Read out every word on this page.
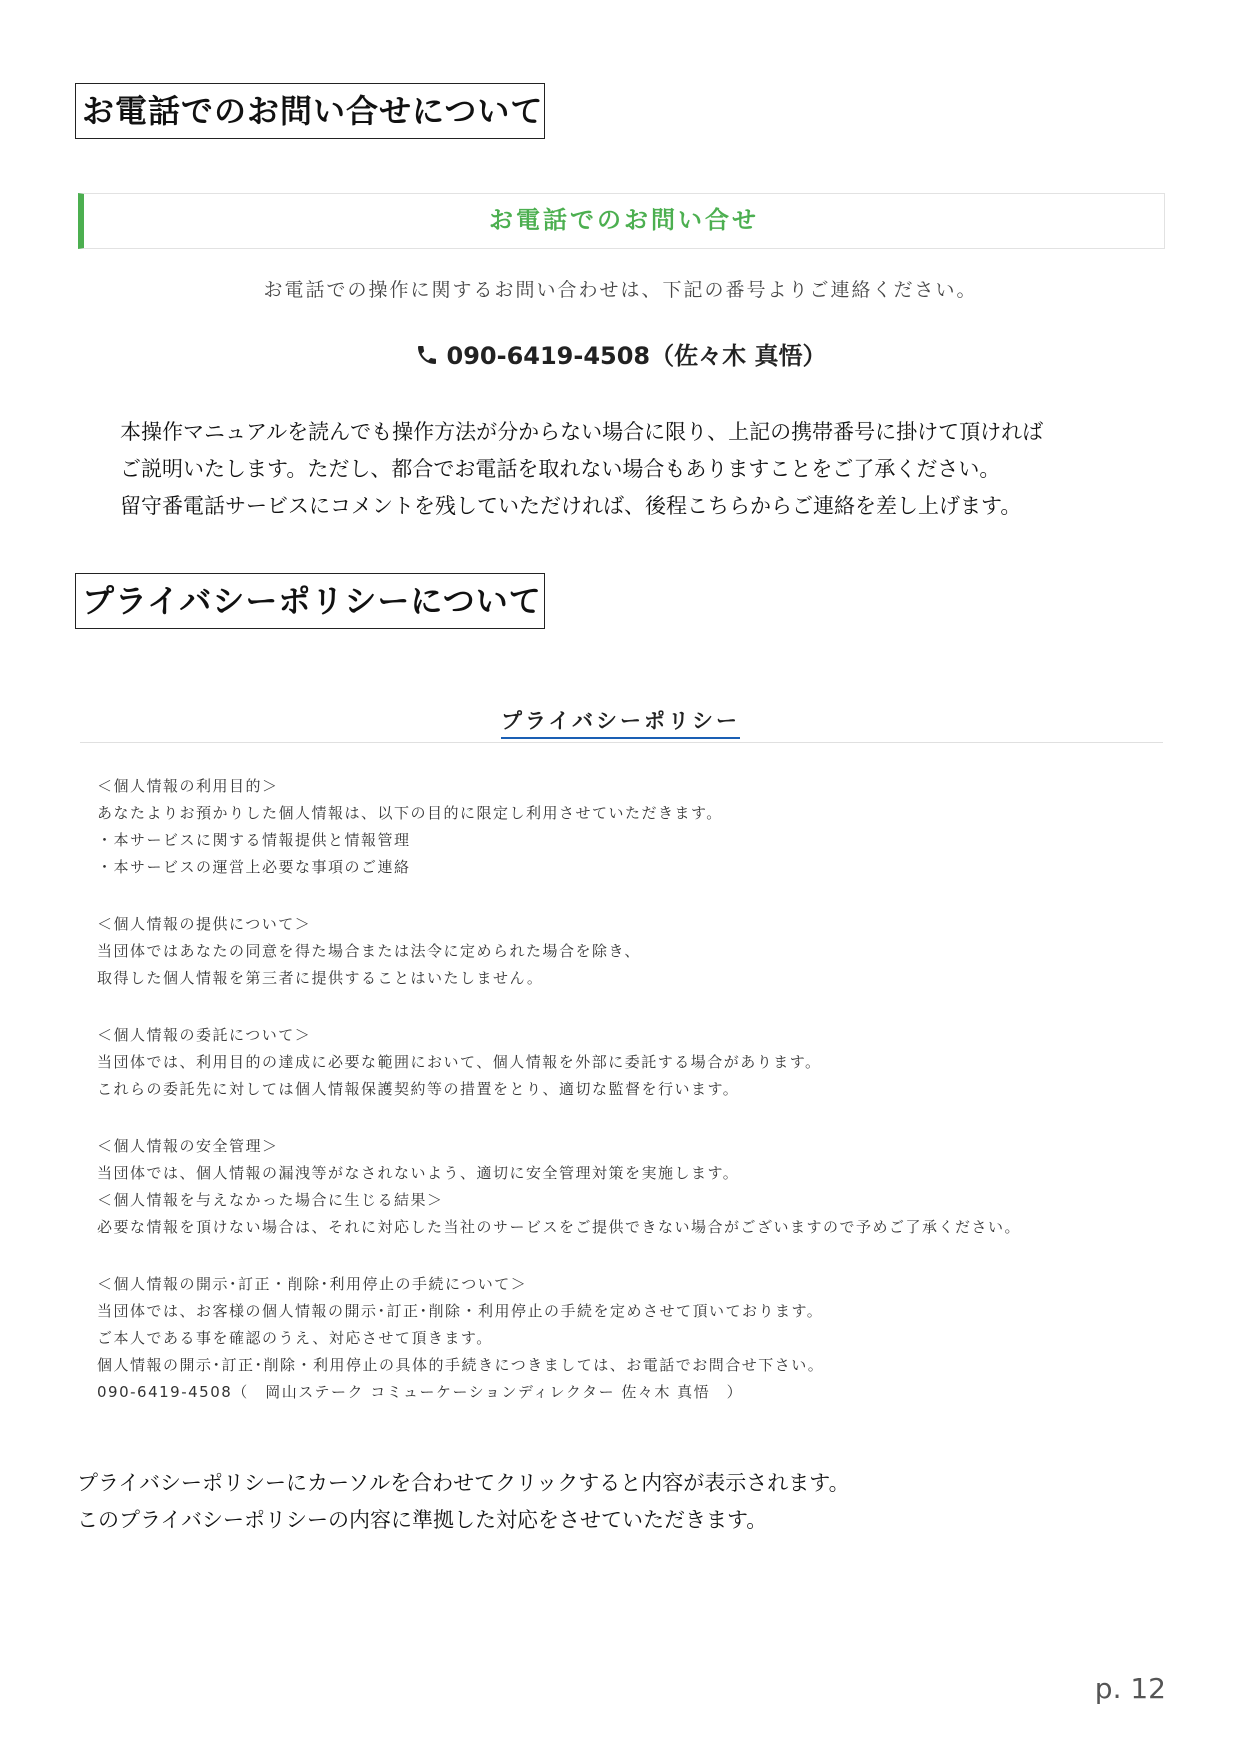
お電話でのお問い合せについて
お電話でのお問い合せ
お電話での操作に関するお問い合わせは、下記の番号よりご連絡ください。
090-6419-4508（佐々木 真悟）

本操作マニュアルを読んでも操作方法が分からない場合に限り、上記の携帯番号に掛けて頂ければ

ご説明いたします。ただし、都合でお電話を取れない場合もありますことをご了承ください。

留守番電話サービスにコメントを残していただければ、後程こちらからご連絡を差し上げます。

プライバシーポリシーについて
プライバシーポリシー

＜個人情報の利用目的＞

あなたよりお預かりした個人情報は、以下の目的に限定し利用させていただきます。

・本サービスに関する情報提供と情報管理

・本サービスの運営上必要な事項のご連絡

＜個人情報の提供について＞

当団体ではあなたの同意を得た場合または法令に定められた場合を除き、

取得した個人情報を第三者に提供することはいたしません。

＜個人情報の委託について＞

当団体では、利用目的の達成に必要な範囲において、個人情報を外部に委託する場合があります。

これらの委託先に対しては個人情報保護契約等の措置をとり、適切な監督を行います。

＜個人情報の安全管理＞

当団体では、個人情報の漏洩等がなされないよう、適切に安全管理対策を実施します。

＜個人情報を与えなかった場合に生じる結果＞

必要な情報を頂けない場合は、それに対応した当社のサービスをご提供できない場合がございますので予めご了承ください。

＜個人情報の開示･訂正・削除･利用停止の手続について＞

当団体では、お客様の個人情報の開示･訂正･削除・利用停止の手続を定めさせて頂いております。

ご本人である事を確認のうえ、対応させて頂きます。

個人情報の開示･訂正･削除・利用停止の具体的手続きにつきましては、お電話でお問合せ下さい。

090-6419-4508（　岡山ステーク コミューケーションディレクター 佐々木 真悟　）

プライバシーポリシーにカーソルを合わせてクリックすると内容が表示されます。

このプライバシーポリシーの内容に準拠した対応をさせていただきます。

p. 12
